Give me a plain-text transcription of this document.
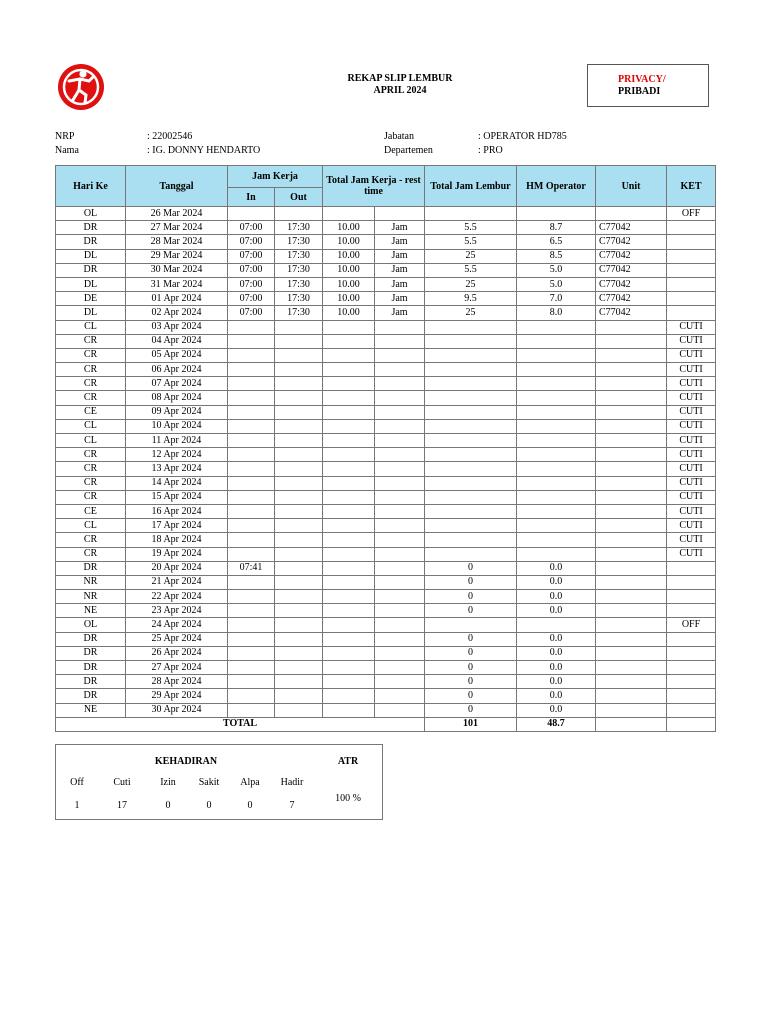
REKAP SLIP LEMBUR
APRIL 2024
PRIVACY/
PRIBADI
NRP
Nama
: 22002546
: IG. DONNY HENDARTO
Jabatan
Departemen
: OPERATOR HD785
: PRO
Hari Ke	Tanggal	Jam Kerja		Total Jam Kerja - rest time		Total Jam Lembur	HM Operator	Unit	KET
		In	Out						
OL	26 Mar 2024								OFF
DR	27 Mar 2024	07:00	17:30	10.00	Jam	5.5	8.7	C77042	
DR	28 Mar 2024	07:00	17:30	10.00	Jam	5.5	6.5	C77042	
DL	29 Mar 2024	07:00	17:30	10.00	Jam	25	8.5	C77042	
DR	30 Mar 2024	07:00	17:30	10.00	Jam	5.5	5.0	C77042	
DL	31 Mar 2024	07:00	17:30	10.00	Jam	25	5.0	C77042	
DE	01 Apr 2024	07:00	17:30	10.00	Jam	9.5	7.0	C77042	
DL	02 Apr 2024	07:00	17:30	10.00	Jam	25	8.0	C77042	
CL	03 Apr 2024								CUTI
CR	04 Apr 2024								CUTI
CR	05 Apr 2024								CUTI
CR	06 Apr 2024								CUTI
CR	07 Apr 2024								CUTI
CR	08 Apr 2024								CUTI
CE	09 Apr 2024								CUTI
CL	10 Apr 2024								CUTI
CL	11 Apr 2024								CUTI
CR	12 Apr 2024								CUTI
CR	13 Apr 2024								CUTI
CR	14 Apr 2024								CUTI
CR	15 Apr 2024								CUTI
CE	16 Apr 2024								CUTI
CL	17 Apr 2024								CUTI
CR	18 Apr 2024								CUTI
CR	19 Apr 2024								CUTI
DR	20 Apr 2024	07:41				0	0.0		
NR	21 Apr 2024					0	0.0		
NR	22 Apr 2024					0	0.0		
NE	23 Apr 2024					0	0.0		
OL	24 Apr 2024								OFF
DR	25 Apr 2024					0	0.0		
DR	26 Apr 2024					0	0.0		
DR	27 Apr 2024					0	0.0		
DR	28 Apr 2024					0	0.0		
DR	29 Apr 2024					0	0.0		
NE	30 Apr 2024					0	0.0		
TOTAL						101	48.7		
KEHADIRAN	ATR
100 %
Off	Cuti	Izin	Sakit	Alpa	Hadir
1	17	0	0	0	7
